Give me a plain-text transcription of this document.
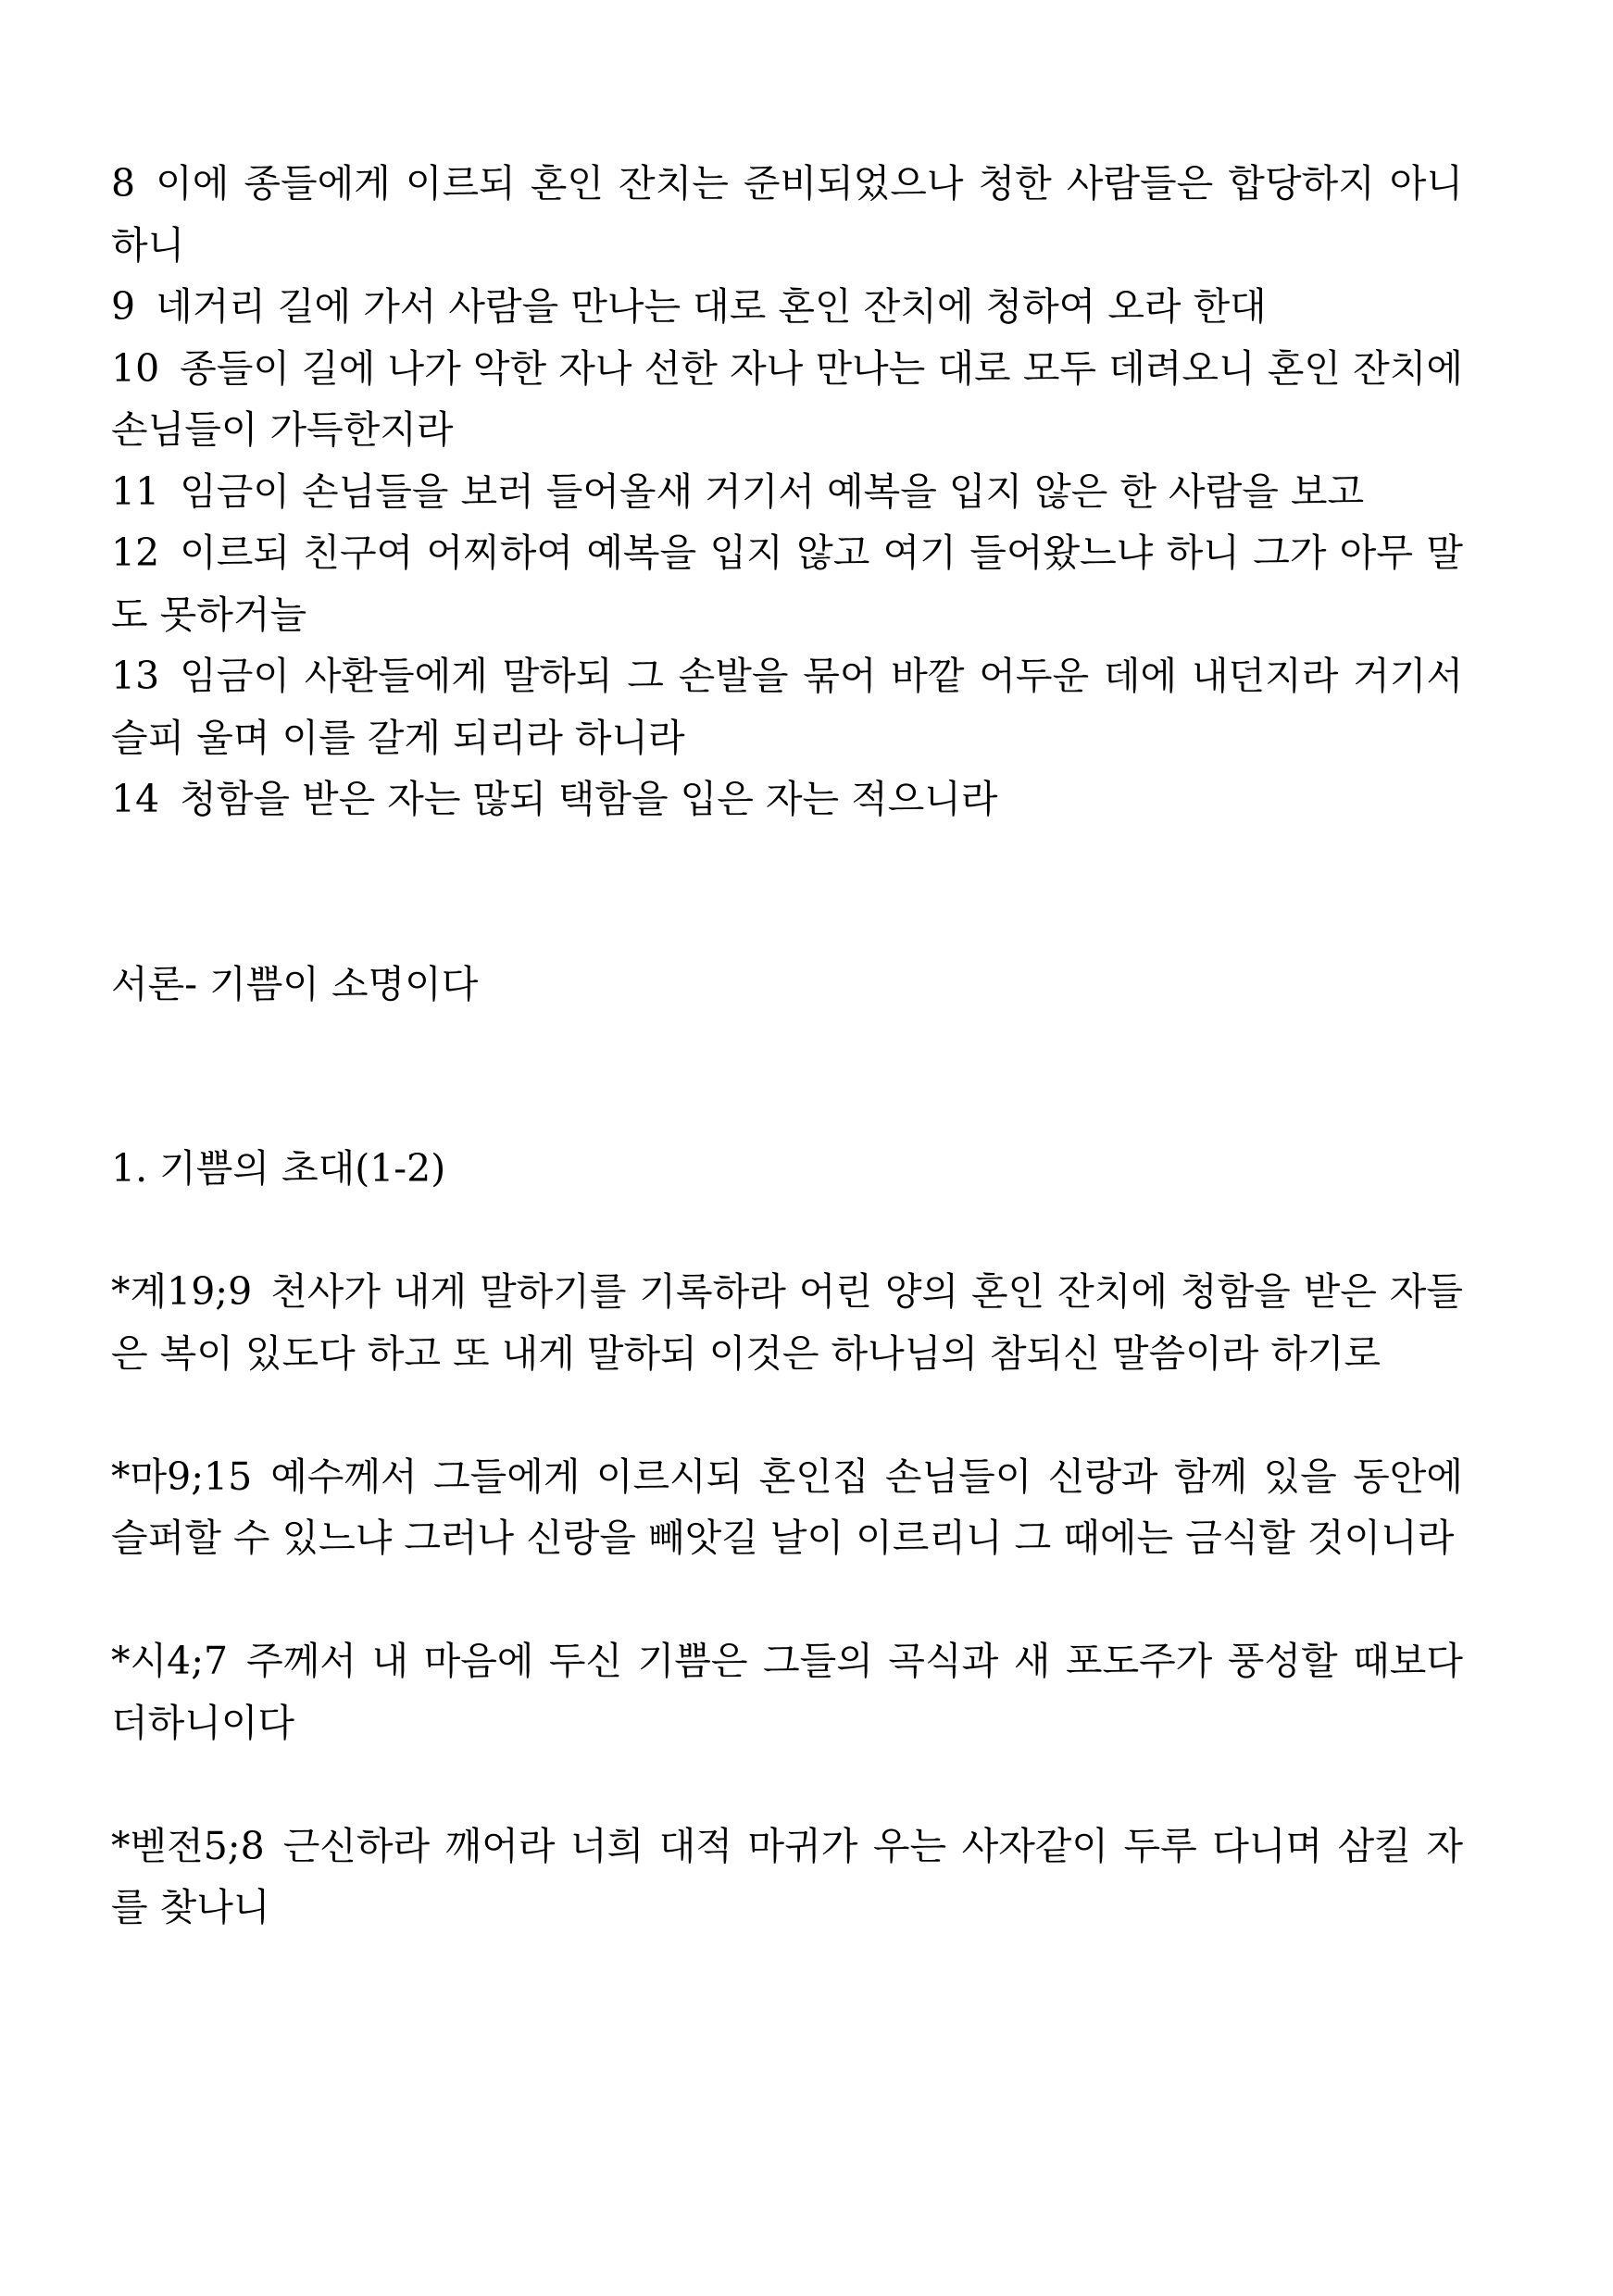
8 이에 종들에게 이르되 혼인 잔치는 준비되었으나 청한 사람들은 합당하지 아니하니

9 네거리 길에 가서 사람을 만나는 대로 혼인 잔치에 청하여 오라 한대

10 종들이 길에 나가 악한 자나 선한 자나 만나는 대로 모두 데려오니 혼인 잔치에 손님들이 가득한지라

11 임금이 손님들을 보러 들어올새 거기서 예복을 입지 않은 한 사람을 보고

12 이르되 친구여 어찌하여 예복을 입지 않고 여기 들어왔느냐 하니 그가 아무 말도 못하거늘

13 임금이 사환들에게 말하되 그 손발을 묶어 바깥 어두운 데에 내던지라 거기서 슬피 울며 이를 갈게 되리라 하니라

14 청함을 받은 자는 많되 택함을 입은 자는 적으니라

서론- 기쁨이 소명이다

1. 기쁨의 초대(1-2)

*계19;9 천사가 내게 말하기를 기록하라 어린 양의 혼인 잔치에 청함을 받은 자들은 복이 있도다 하고 또 내게 말하되 이것은 하나님의 참되신 말씀이라 하기로

*마9;15 예수께서 그들에게 이르시되 혼인집 손님들이 신랑과 함께 있을 동안에 슬퍼할 수 있느냐 그러나 신랑을 빼앗길 날이 이르리니 그 때에는 금식할 것이니라

*시4;7 주께서 내 마음에 두신 기쁨은 그들의 곡식과 새 포도주가 풍성할 때보다 더하니이다

*벧전5;8 근신하라 깨어라 너희 대적 마귀가 우는 사자같이 두루 다니며 삼킬 자를 찾나니
